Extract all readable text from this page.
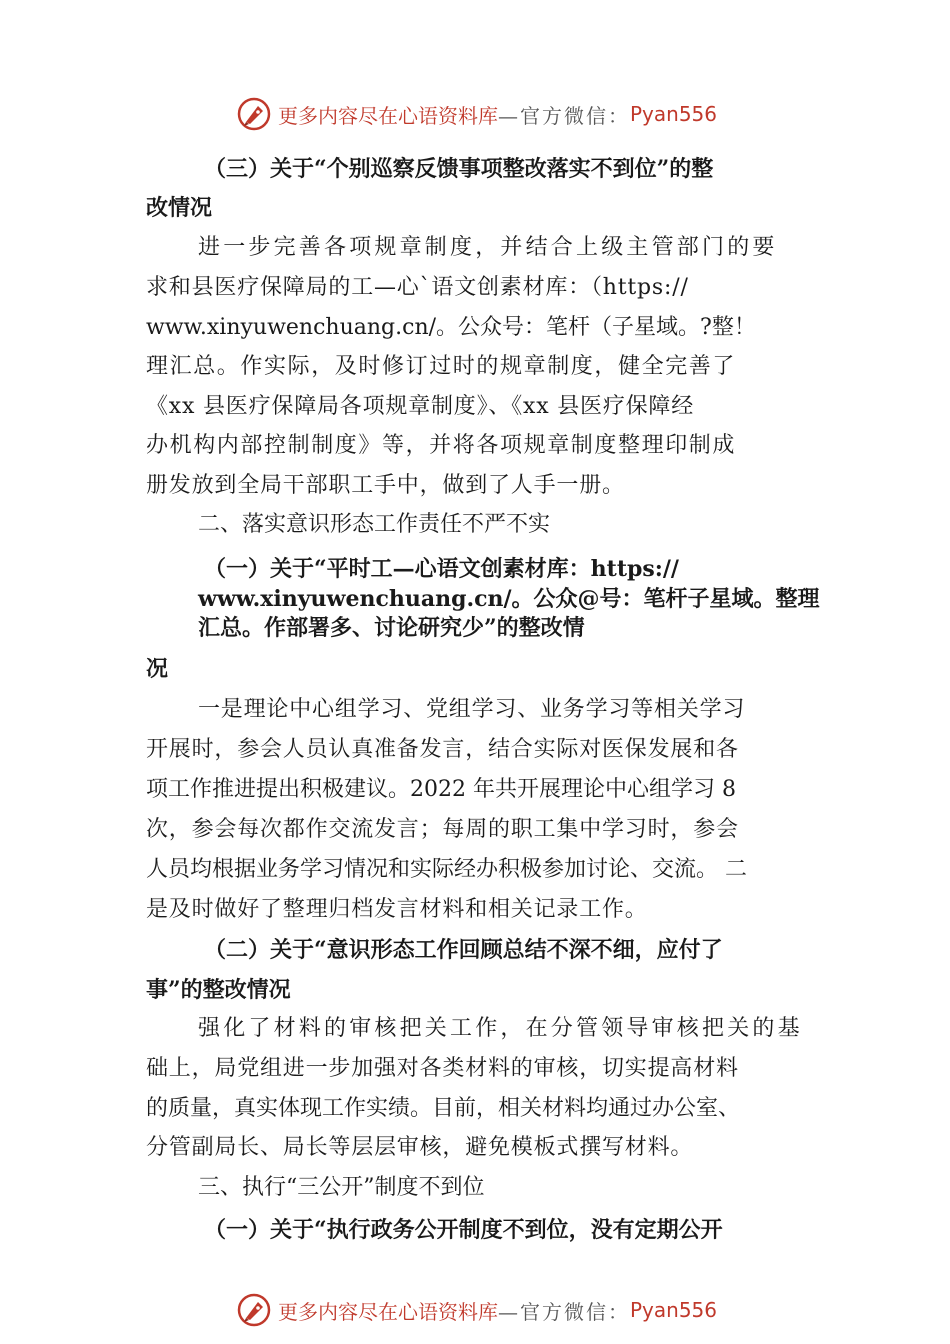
更多内容尽在心语资料库 —官方微信： Pyan556
（三）关于“个别巡察反馈事项整改落实不到位”的整
改情况
进一步完善各项规章制度，并结合上级主管部门的要
求和县医疗保障局的工—心`语文创素材库：（https://
www.xinyuwenchuang.cn/。公众号：笔杆（子星域。?整！
理汇总。作实际，及时修订过时的规章制度，健全完善了
《xx 县医疗保障局各项规章制度》、《xx 县医疗保障经
办机构内部控制制度》等，并将各项规章制度整理印制成
册发放到全局干部职工手中，做到了人手一册。
二、落实意识形态工作责任不严不实
（一）关于“平时工—心语文创素材库：https://
www.xinyuwenchuang.cn/。公众@号：笔杆子星域。整理
汇总。作部署多、讨论研究少”的整改情
况
一是理论中心组学习、党组学习、业务学习等相关学习
开展时，参会人员认真准备发言，结合实际对医保发展和各
项工作推进提出积极建议。2022 年共开展理论中心组学习 8
次，参会每次都作交流发言；每周的职工集中学习时，参会
人员均根据业务学习情况和实际经办积极参加讨论、交流。 二
是及时做好了整理归档发言材料和相关记录工作。
（二）关于“意识形态工作回顾总结不深不细，应付了
事”的整改情况
强化了材料的审核把关工作，在分管领导审核把关的基
础上，局党组进一步加强对各类材料的审核，切实提高材料
的质量，真实体现工作实绩。目前，相关材料均通过办公室、
分管副局长、局长等层层审核，避免模板式撰写材料。
三、执行“三公开”制度不到位
（一）关于“执行政务公开制度不到位，没有定期公开
更多内容尽在心语资料库 —官方微信： Pyan556
